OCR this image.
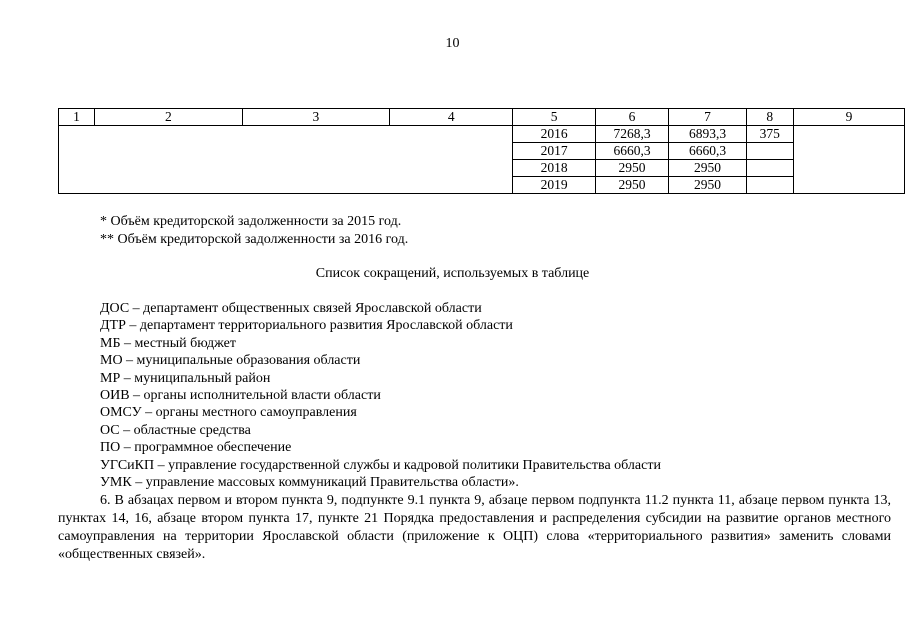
10
1	2	3	4	5	6	7	8	9
				2016	7268,3	6893,3	375	
				2017	6660,3	6660,3		
				2018	2950	2950		
				2019	2950	2950		
* Объём кредиторской задолженности за 2015 год.
** Объём кредиторской задолженности за 2016 год.
Список сокращений, используемых в таблице
ДОС – департамент общественных связей Ярославской области
ДТР – департамент территориального развития Ярославской области
МБ – местный бюджет
МО – муниципальные образования области
МР – муниципальный район
ОИВ – органы исполнительной власти области
ОМСУ – органы местного самоуправления
ОС – областные средства
ПО – программное обеспечение
УГСиКП – управление государственной службы и кадровой политики Правительства области
УМК – управление массовых коммуникаций Правительства области».
6. В абзацах первом и втором пункта 9, подпункте 9.1 пункта 9, абзаце первом подпункта 11.2 пункта 11, абзаце первом пункта 13, пунктах 14, 16, абзаце втором пункта 17, пункте 21 Порядка предоставления и распределения субсидии на развитие органов местного самоуправления на территории Ярославской области (приложение к ОЦП) слова «территориального развития» заменить словами «общественных связей».
